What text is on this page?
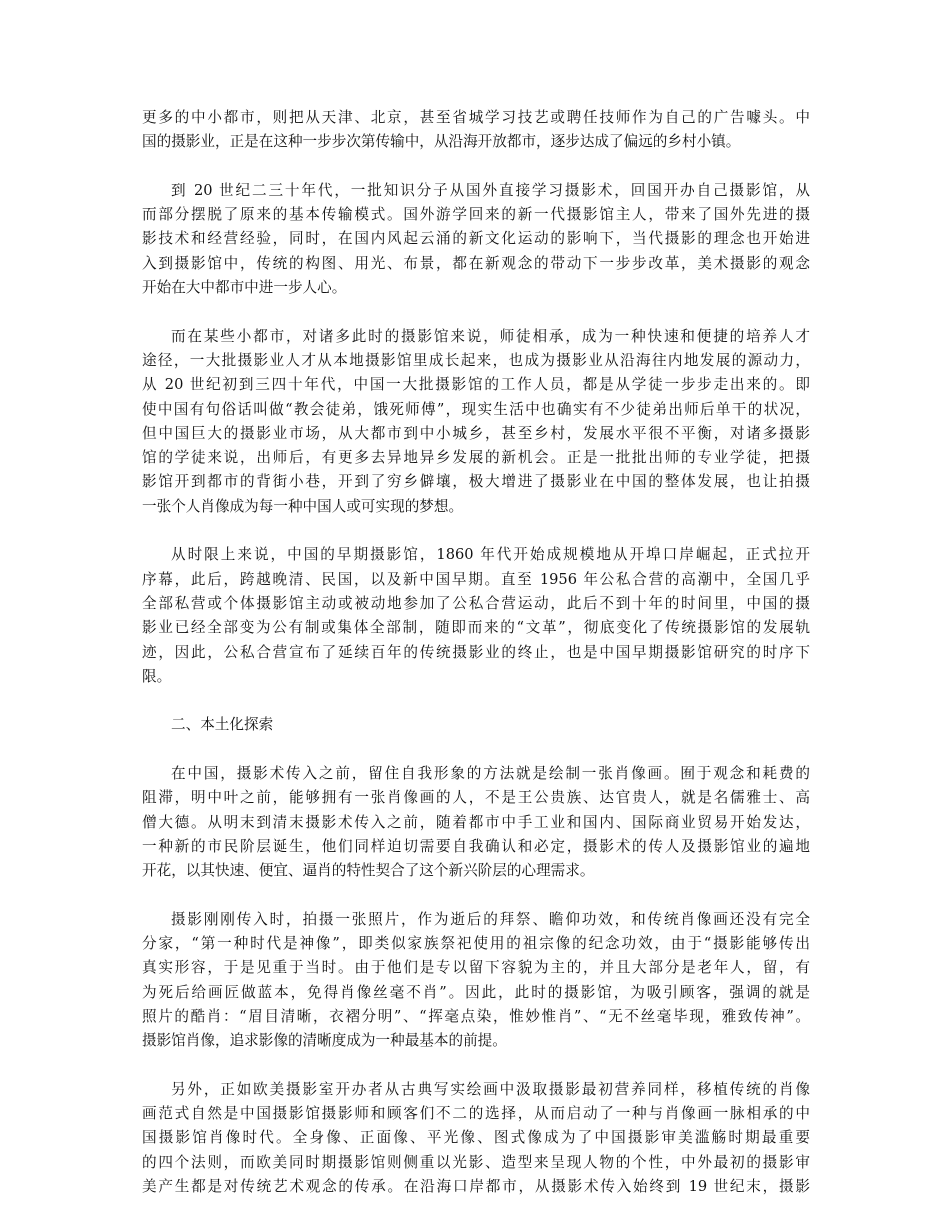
更多的中小都市，则把从天津、北京，甚至省城学习技艺或聘任技师作为自己的广告噱头。中
国的摄影业，正是在这种一步步次第传输中，从沿海开放都市，逐步达成了偏远的乡村小镇。
到 20 世纪二三十年代，一批知识分子从国外直接学习摄影术，回国开办自己摄影馆，从
而部分摆脱了原来的基本传输模式。国外游学回来的新一代摄影馆主人，带来了国外先进的摄
影技术和经营经验，同时，在国内风起云涌的新文化运动的影响下，当代摄影的理念也开始进
入到摄影馆中，传统的构图、用光、布景，都在新观念的带动下一步步改革，美术摄影的观念
开始在大中都市中进一步人心。
而在某些小都市，对诸多此时的摄影馆来说，师徒相承，成为一种快速和便捷的培养人才
途径，一大批摄影业人才从本地摄影馆里成长起来，也成为摄影业从沿海往内地发展的源动力，
从 20 世纪初到三四十年代，中国一大批摄影馆的工作人员，都是从学徒一步步走出来的。即
使中国有句俗话叫做“教会徒弟，饿死师傅”，现实生活中也确实有不少徒弟出师后单干的状况，
但中国巨大的摄影业市场，从大都市到中小城乡，甚至乡村，发展水平很不平衡，对诸多摄影
馆的学徒来说，出师后，有更多去异地异乡发展的新机会。正是一批批出师的专业学徒，把摄
影馆开到都市的背街小巷，开到了穷乡僻壤，极大增进了摄影业在中国的整体发展，也让拍摄
一张个人肖像成为每一种中国人或可实现的梦想。
从时限上来说，中国的早期摄影馆，1860 年代开始成规模地从开埠口岸崛起，正式拉开
序幕，此后，跨越晚清、民国，以及新中国早期。直至 1956 年公私合营的高潮中，全国几乎
全部私营或个体摄影馆主动或被动地参加了公私合营运动，此后不到十年的时间里，中国的摄
影业已经全部变为公有制或集体全部制，随即而来的“文革”，彻底变化了传统摄影馆的发展轨
迹，因此，公私合营宣布了延续百年的传统摄影业的终止，也是中国早期摄影馆研究的时序下
限。
二、本土化探索
在中国，摄影术传入之前，留住自我形象的方法就是绘制一张肖像画。囿于观念和耗费的
阻滞，明中叶之前，能够拥有一张肖像画的人，不是王公贵族、达官贵人，就是名儒雅士、高
僧大德。从明末到清末摄影术传入之前，随着都市中手工业和国内、国际商业贸易开始发达，
一种新的市民阶层诞生，他们同样迫切需要自我确认和必定，摄影术的传人及摄影馆业的遍地
开花，以其快速、便宜、逼肖的特性契合了这个新兴阶层的心理需求。
摄影刚刚传入时，拍摄一张照片，作为逝后的拜祭、瞻仰功效，和传统肖像画还没有完全
分家，“第一种时代是神像”，即类似家族祭祀使用的祖宗像的纪念功效，由于“摄影能够传出
真实形容，于是见重于当时。由于他们是专以留下容貌为主的，并且大部分是老年人，留，有
为死后给画匠做蓝本，免得肖像丝毫不肖”。因此，此时的摄影馆，为吸引顾客，强调的就是
照片的酷肖：“眉目清晰，衣褶分明”、“挥毫点染，惟妙惟肖”、“无不丝毫毕现，雅致传神”。
摄影馆肖像，追求影像的清晰度成为一种最基本的前提。
另外，正如欧美摄影室开办者从古典写实绘画中汲取摄影最初营养同样，移植传统的肖像
画范式自然是中国摄影馆摄影师和顾客们不二的选择，从而启动了一种与肖像画一脉相承的中
国摄影馆肖像时代。全身像、正面像、平光像、图式像成为了中国摄影审美滥觞时期最重要
的四个法则，而欧美同时期摄影馆则侧重以光影、造型来呈现人物的个性，中外最初的摄影审
美产生都是对传统艺术观念的传承。在沿海口岸都市，从摄影术传入始终到 19 世纪末，摄影
